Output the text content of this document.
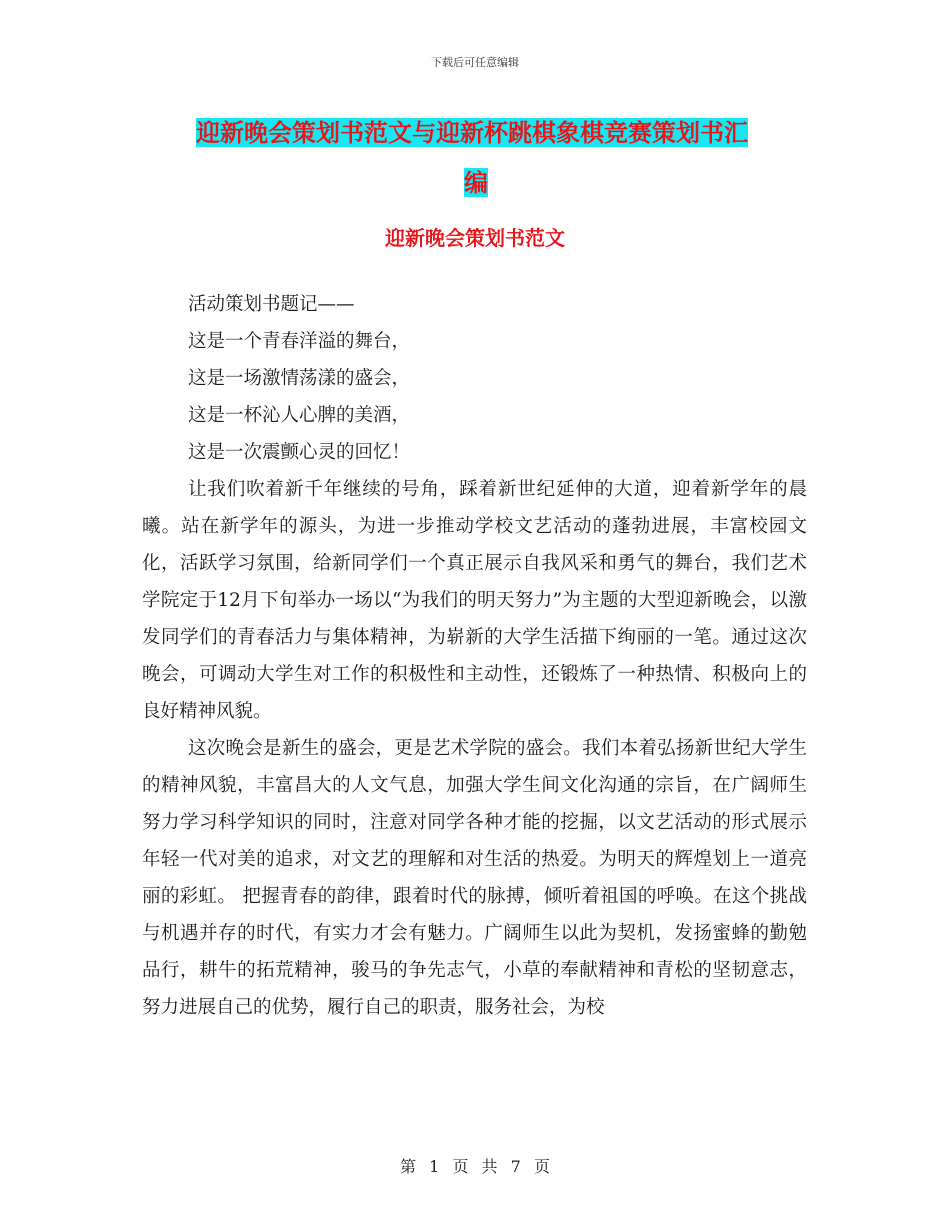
下载后可任意编辑
迎新晚会策划书范文与迎新杯跳棋象棋竞赛策划书汇
编
迎新晚会策划书范文

活动策划书题记——

这是一个青春洋溢的舞台，

这是一场激情荡漾的盛会，

这是一杯沁人心脾的美酒，

这是一次震颤心灵的回忆！

让我们吹着新千年继续的号角，踩着新世纪延伸的大道，迎着新学年的晨曦。站在新学年的源头，为进一步推动学校文艺活动的蓬勃进展，丰富校园文化，活跃学习氛围，给新同学们一个真正展示自我风采和勇气的舞台，我们艺术学院定于12月下旬举办一场以“为我们的明天努力”为主题的大型迎新晚会，以激发同学们的青春活力与集体精神，为崭新的大学生活描下绚丽的一笔。通过这次晚会，可调动大学生对工作的积极性和主动性，还锻炼了一种热情、积极向上的良好精神风貌。

这次晚会是新生的盛会，更是艺术学院的盛会。我们本着弘扬新世纪大学生的精神风貌，丰富昌大的人文气息，加强大学生间文化沟通的宗旨，在广阔师生努力学习科学知识的同时，注意对同学各种才能的挖掘，以文艺活动的形式展示年轻一代对美的追求，对文艺的理解和对生活的热爱。为明天的辉煌划上一道亮丽的彩虹。 把握青春的韵律，跟着时代的脉搏，倾听着祖国的呼唤。在这个挑战与机遇并存的时代，有实力才会有魅力。广阔师生以此为契机，发扬蜜蜂的勤勉品行，耕牛的拓荒精神，骏马的争先志气，小草的奉献精神和青松的坚韧意志，努力进展自己的优势，履行自己的职责，服务社会，为校

第 1 页 共 7 页
